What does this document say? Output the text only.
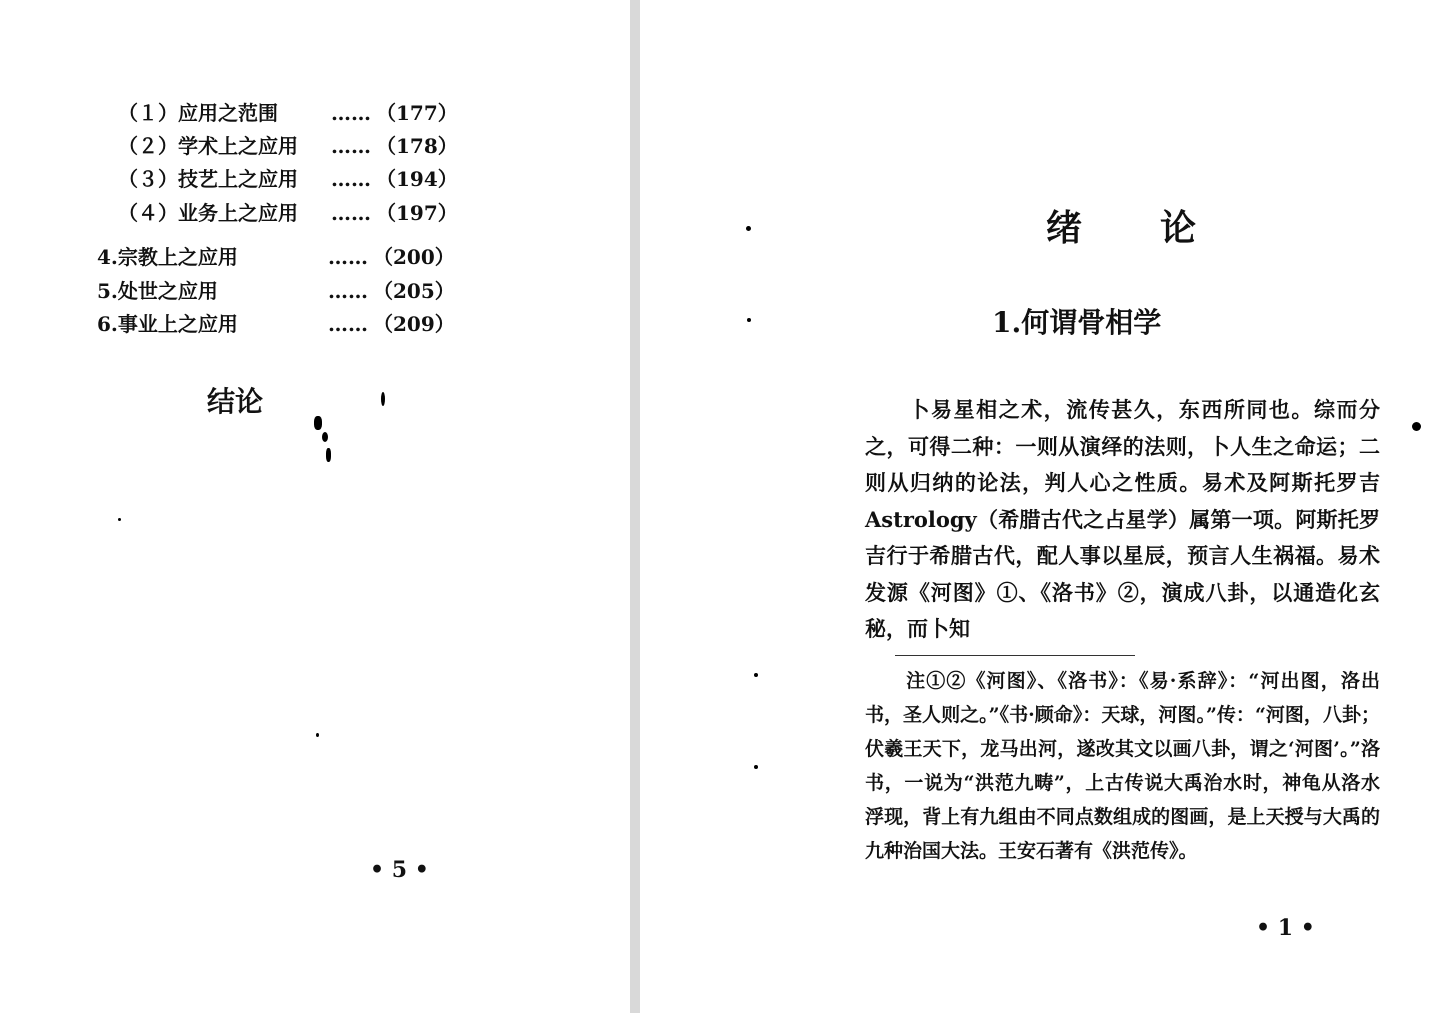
（１）应用之范围	…… （177）
（２）学术上之应用 …… （178）
（３）技艺上之应用 …… （194）
（４）业务上之应用 …… （197）
4.宗教上之应用	…… （200）
5.处世之应用	…… （205）
6.事业上之应用	…… （209）
结论
• 5 •
绪　　论
1.何谓骨相学
卜易星相之术，流传甚久，东西所同也。综而分之，可得二种：一则从演绎的法则，卜人生之命运；二则从归纳的论法，判人心之性质。易术及阿斯托罗吉Astrology（希腊古代之占星学）属第一项。阿斯托罗吉行于希腊古代，配人事以星辰，预言人生祸福。易术发源《河图》①、《洛书》②，演成八卦，以通造化玄秘，而卜知
注①②《河图》、《洛书》：《易·系辞》：“河出图，洛出书，圣人则之。”《书·顾命》：天球，河图。”传：“河图，八卦；伏羲王天下，龙马出河，遂改其文以画八卦，谓之‘河图’。”洛书，一说为“洪范九畴”，上古传说大禹治水时，神龟从洛水浮现，背上有九组由不同点数组成的图画，是上天授与大禹的九种治国大法。王安石著有《洪范传》。
• 1 •
